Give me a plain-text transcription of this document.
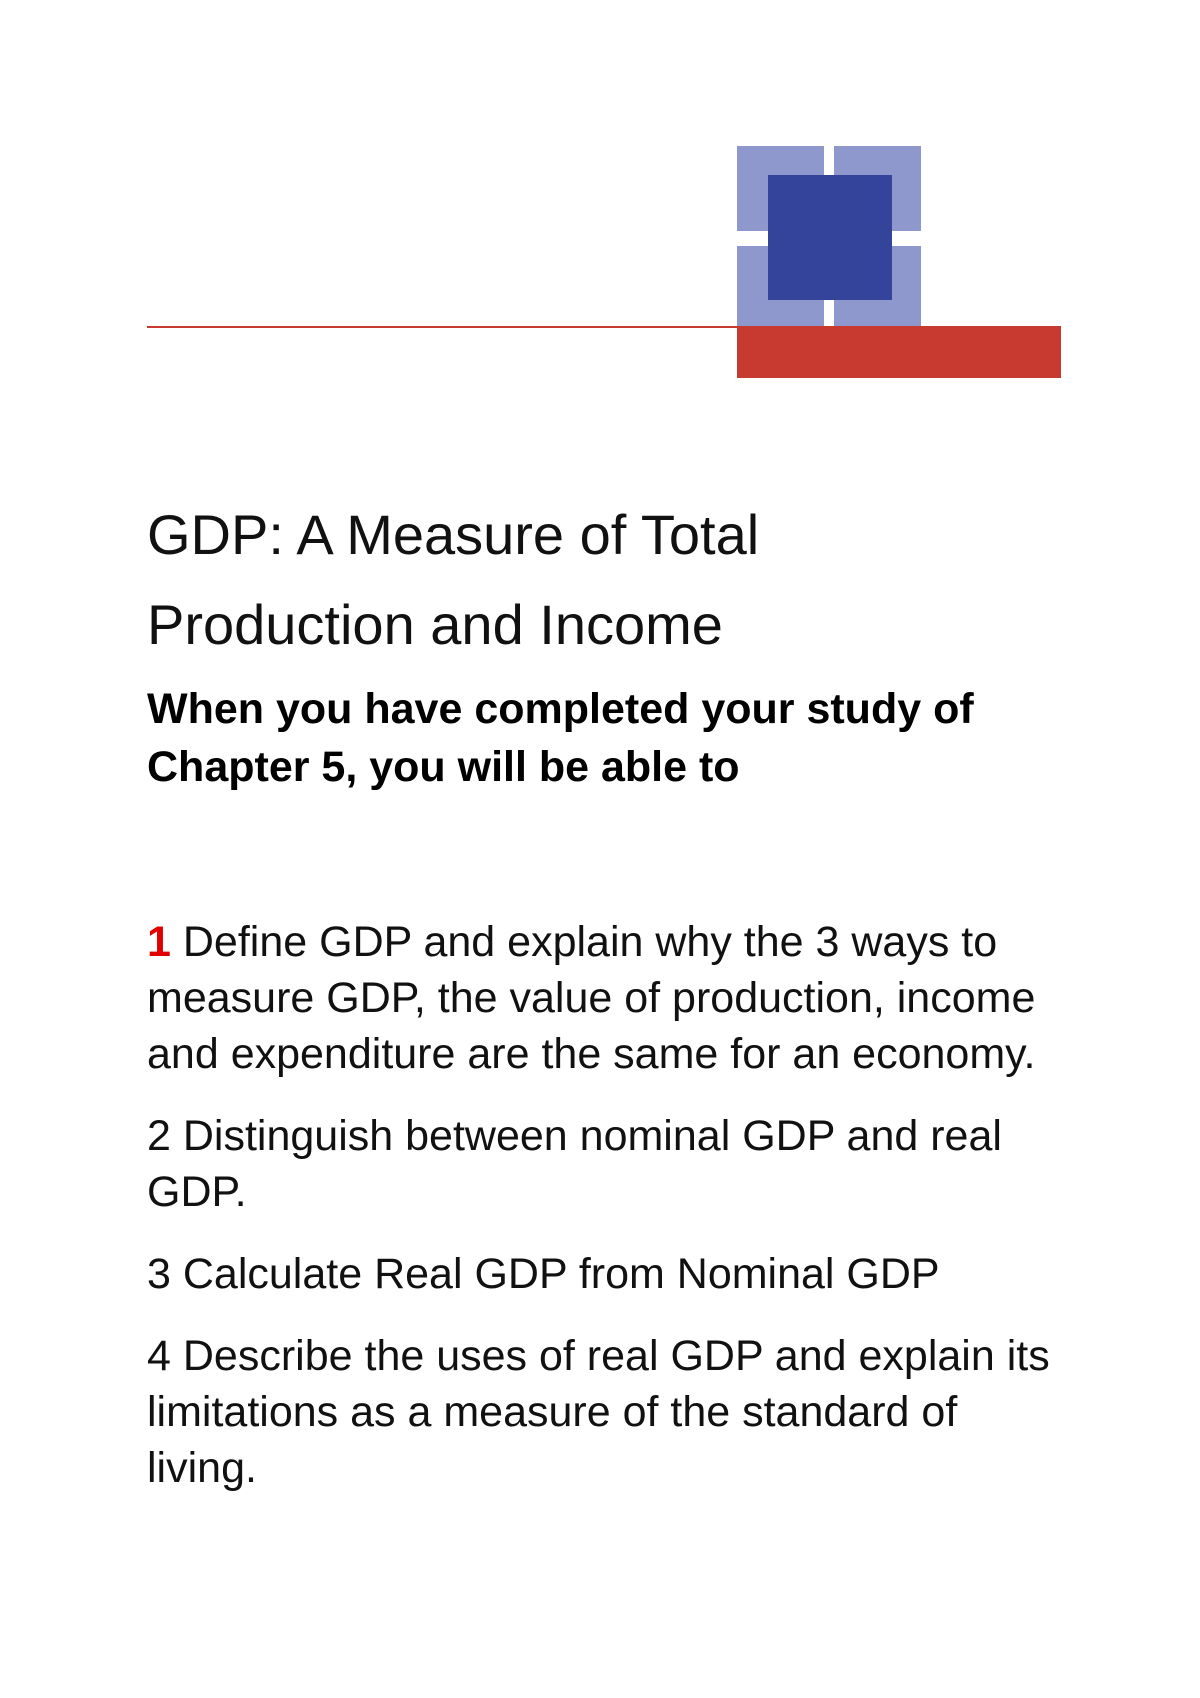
GDP: A Measure of Total
Production and Income

When you have completed your study of Chapter 5, you will be able to

1 Define GDP and explain why the 3 ways to measure GDP, the value of production, income and expenditure are the same for an economy.
2 Distinguish between nominal GDP and real GDP.
3 Calculate Real GDP from Nominal GDP
4 Describe the uses of real GDP and explain its limitations as a measure of the standard of living.
